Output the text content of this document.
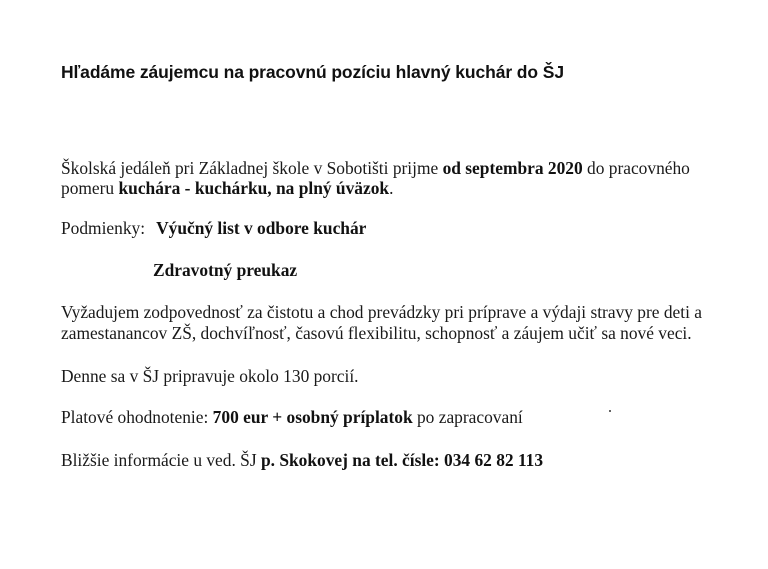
Hľadáme záujemcu na pracovnú pozíciu hlavný kuchár do ŠJ
Školská jedáleň pri Základnej škole v Sobotišti prijme od septembra 2020 do pracovného
pomeru kuchára - kuchárku, na plný úväzok.
Podmienky: Výučný list v odbore kuchár
Zdravotný preukaz
Vyžadujem zodpovednosť za čistotu a chod prevádzky pri príprave a výdaji stravy pre deti a
zamestanancov ZŠ, dochvíľnosť, časovú flexibilitu, schopnosť a záujem učiť sa nové veci.
Denne sa v ŠJ pripravuje okolo 130 porcií.
Platové ohodnotenie: 700 eur + osobný príplatok po zapracovaní
Bližšie informácie u ved. ŠJ p. Skokovej na tel. čísle: 034 62 82 113
